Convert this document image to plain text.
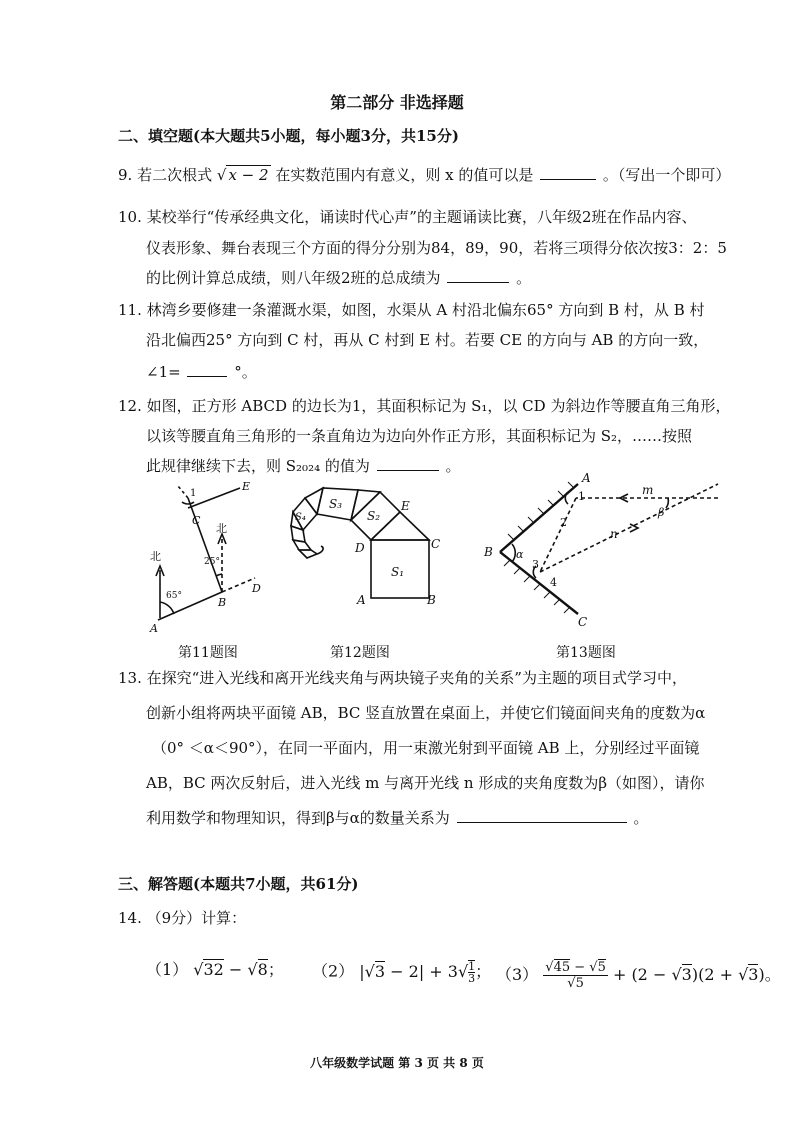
第二部分 非选择题
二、填空题(本大题共5小题，每小题3分，共15分)
9. 若二次根式 √ x − 2 在实数范围内有意义，则 x 的值可以是	。（写出一个即可）
10. 某校举行“传承经典文化，诵读时代心声”的主题诵读比赛，八年级2班在作品内容、
仪表形象、舞台表现三个方面的得分分别为84，89，90，若将三项得分依次按3：2：5
的比例计算总成绩，则八年级2班的总成绩为	。
11. 林湾乡要修建一条灌溉水渠，如图，水渠从 A 村沿北偏东65° 方向到 B 村，从 B 村
沿北偏西25° 方向到 C 村，再从 C 村到 E 村。若要 CE 的方向与 AB 的方向一致，
∠1=	°。
12. 如图，正方形 ABCD 的边长为1，其面积标记为 S₁，以 CD 为斜边作等腰直角三角形，
以该等腰直角三角形的一条直角边为边向外作正方形，其面积标记为 S₂，……按照
此规律继续下去，则 S₂₀₂₄ 的值为	。
北
北
65°
25°
A
B
C
D
E
1
第11题图
S₁
S₂
S₃
S₄
A	B
C
D
E
第12题图
A
B
C
m
n
α
β
1
2
3
4
第13题图
13. 在探究“进入光线和离开光线夹角与两块镜子夹角的关系”为主题的项目式学习中，
创新小组将两块平面镜 AB，BC 竖直放置在桌面上，并使它们镜面间夹角的度数为α
（0° ＜α＜90°），在同一平面内，用一束激光射到平面镜 AB 上，分别经过平面镜
AB，BC 两次反射后，进入光线 m 与离开光线 n 形成的夹角度数为β（如图），请你
利用数学和物理知识，得到β与α的数量关系为	。
三、解答题(本题共7小题，共61分)
14. （9分）计算：
（1） √32 − √8； （2） $|√3 - 2| + 3√ \frac{1}{3}$ ； $(3) \frac{√45 - √5}{√5} + (2 - √3)(2 + √3)$。
八年级数学试题 第 3 页 共 8 页
